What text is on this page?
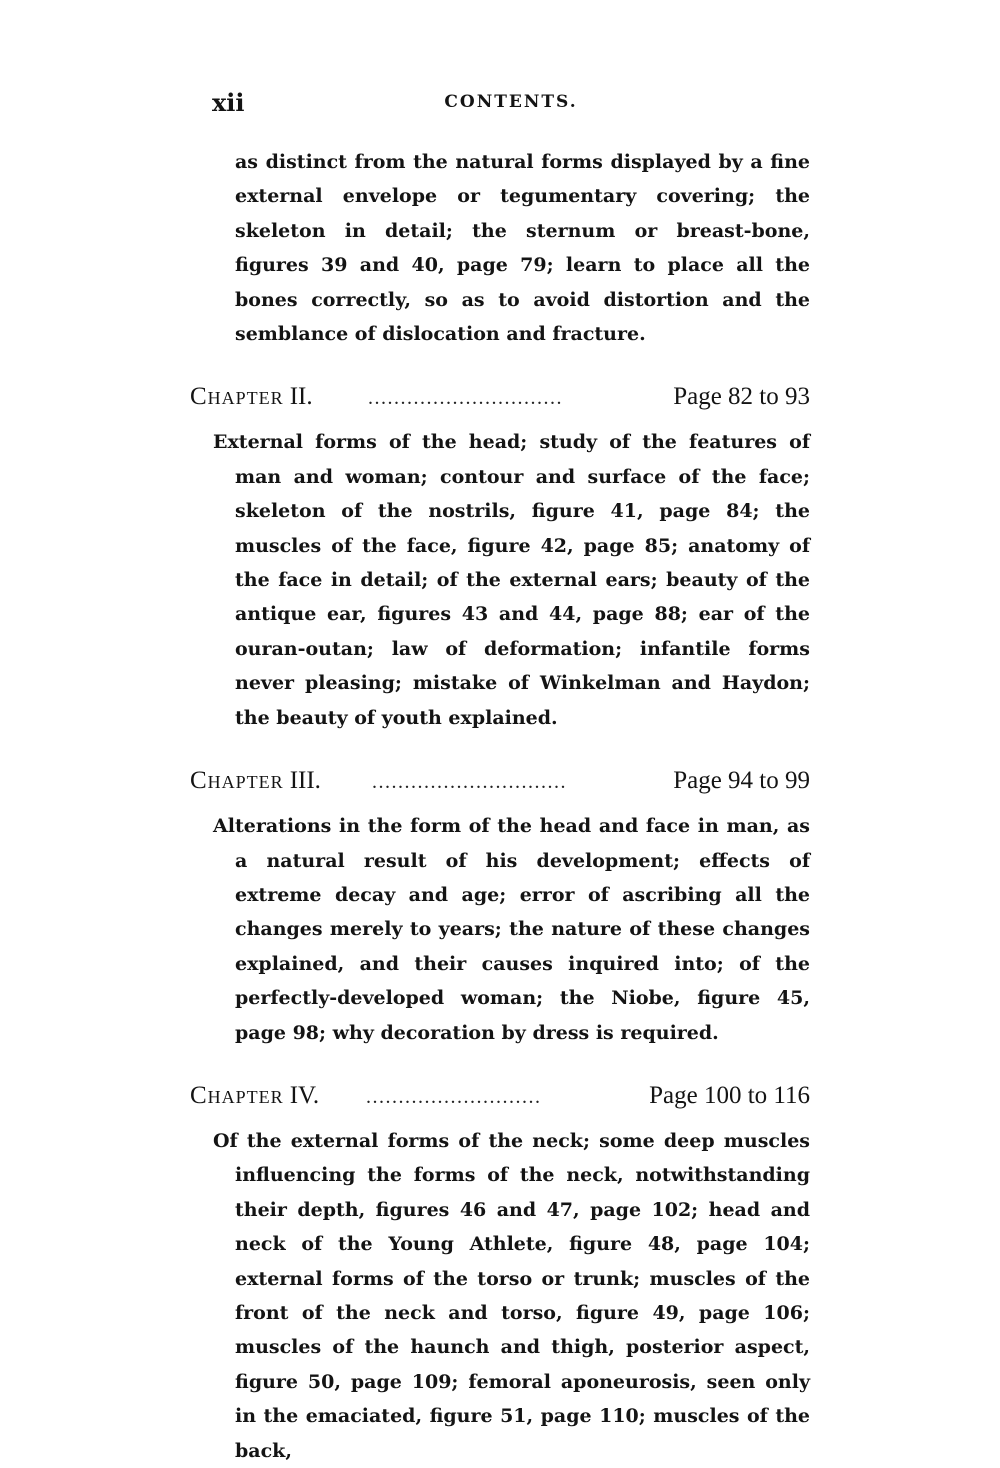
xii	CONTENTS.

as distinct from the natural forms displayed by a fine external envelope or tegumentary covering; the skeleton in detail; the sternum or breast-bone, figures 39 and 40, page 79; learn to place all the bones correctly, so as to avoid distortion and the semblance of dislocation and fracture.

Chapter II.	..............................	Page 82 to 93

External forms of the head; study of the features of man and woman; contour and surface of the face; skeleton of the nostrils, figure 41, page 84; the muscles of the face, figure 42, page 85; anatomy of the face in detail; of the external ears; beauty of the antique ear, figures 43 and 44, page 88; ear of the ouran-outan; law of deformation; infantile forms never pleasing; mistake of Winkelman and Haydon; the beauty of youth explained.

Chapter III.	..............................	Page 94 to 99

Alterations in the form of the head and face in man, as a natural result of his development; effects of extreme decay and age; error of ascribing all the changes merely to years; the nature of these changes explained, and their causes inquired into; of the perfectly-developed woman; the Niobe, figure 45, page 98; why decoration by dress is required.

Chapter IV. ...........................	Page 100 to 116

Of the external forms of the neck; some deep muscles influencing the forms of the neck, notwithstanding their depth, figures 46 and 47, page 102; head and neck of the Young Athlete, figure 48, page 104; external forms of the torso or trunk; muscles of the front of the neck and torso, figure 49, page 106; muscles of the haunch and thigh, posterior aspect, figure 50, page 109; femoral aponeurosis, seen only in the emaciated, figure 51, page 110; muscles of the back,
